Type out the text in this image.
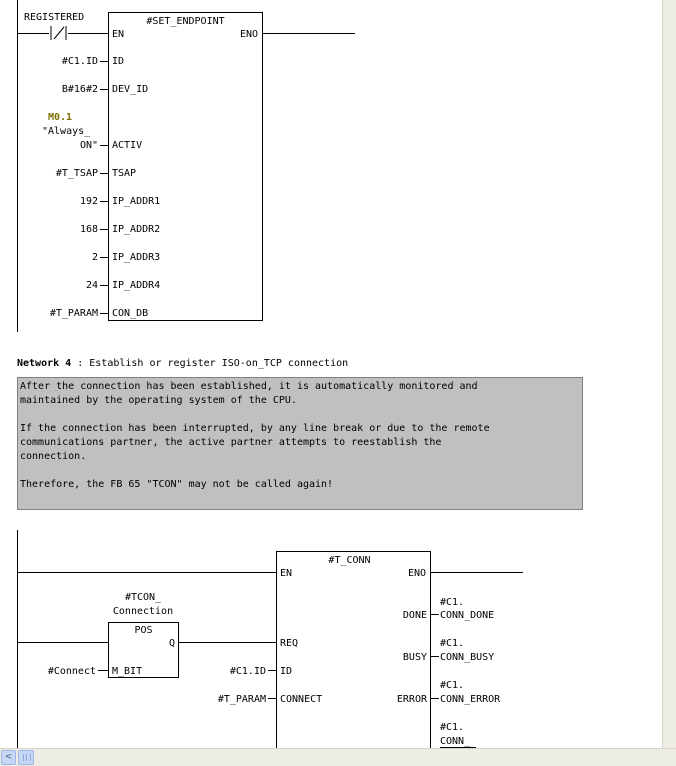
REGISTERED	#SET_ENDPOINT
EN	ENO
#C1.ID ID
B#16#2 DEV_ID
M0.1
"Always_
ON" ACTIV
#T_TSAP TSAP
192 IP_ADDR1
168 IP_ADDR2
2 IP_ADDR3
24 IP_ADDR4
#T_PARAM CON_DB
Network 4 : Establish or register ISO-on_TCP connection
After the connection has been established, it is automatically monitored and
maintained by the operating system of the CPU.
If the connection has been interrupted, by any line break or due to the remote
communications partner, the active partner attempts to reestablish the
connection.
Therefore, the FB 65 "TCON" may not be called again!
#T_CONN
EN	ENO
#TCON_
Connection
POS
Q
#Connect M_BIT
REQ
#C1.ID ID
#T_PARAM CONNECT
DONE
#C1.
CONN_DONE
BUSY
#C1.
CONN_BUSY
ERROR
#C1.
CONN_ERROR
#C1.
CONN_
<
